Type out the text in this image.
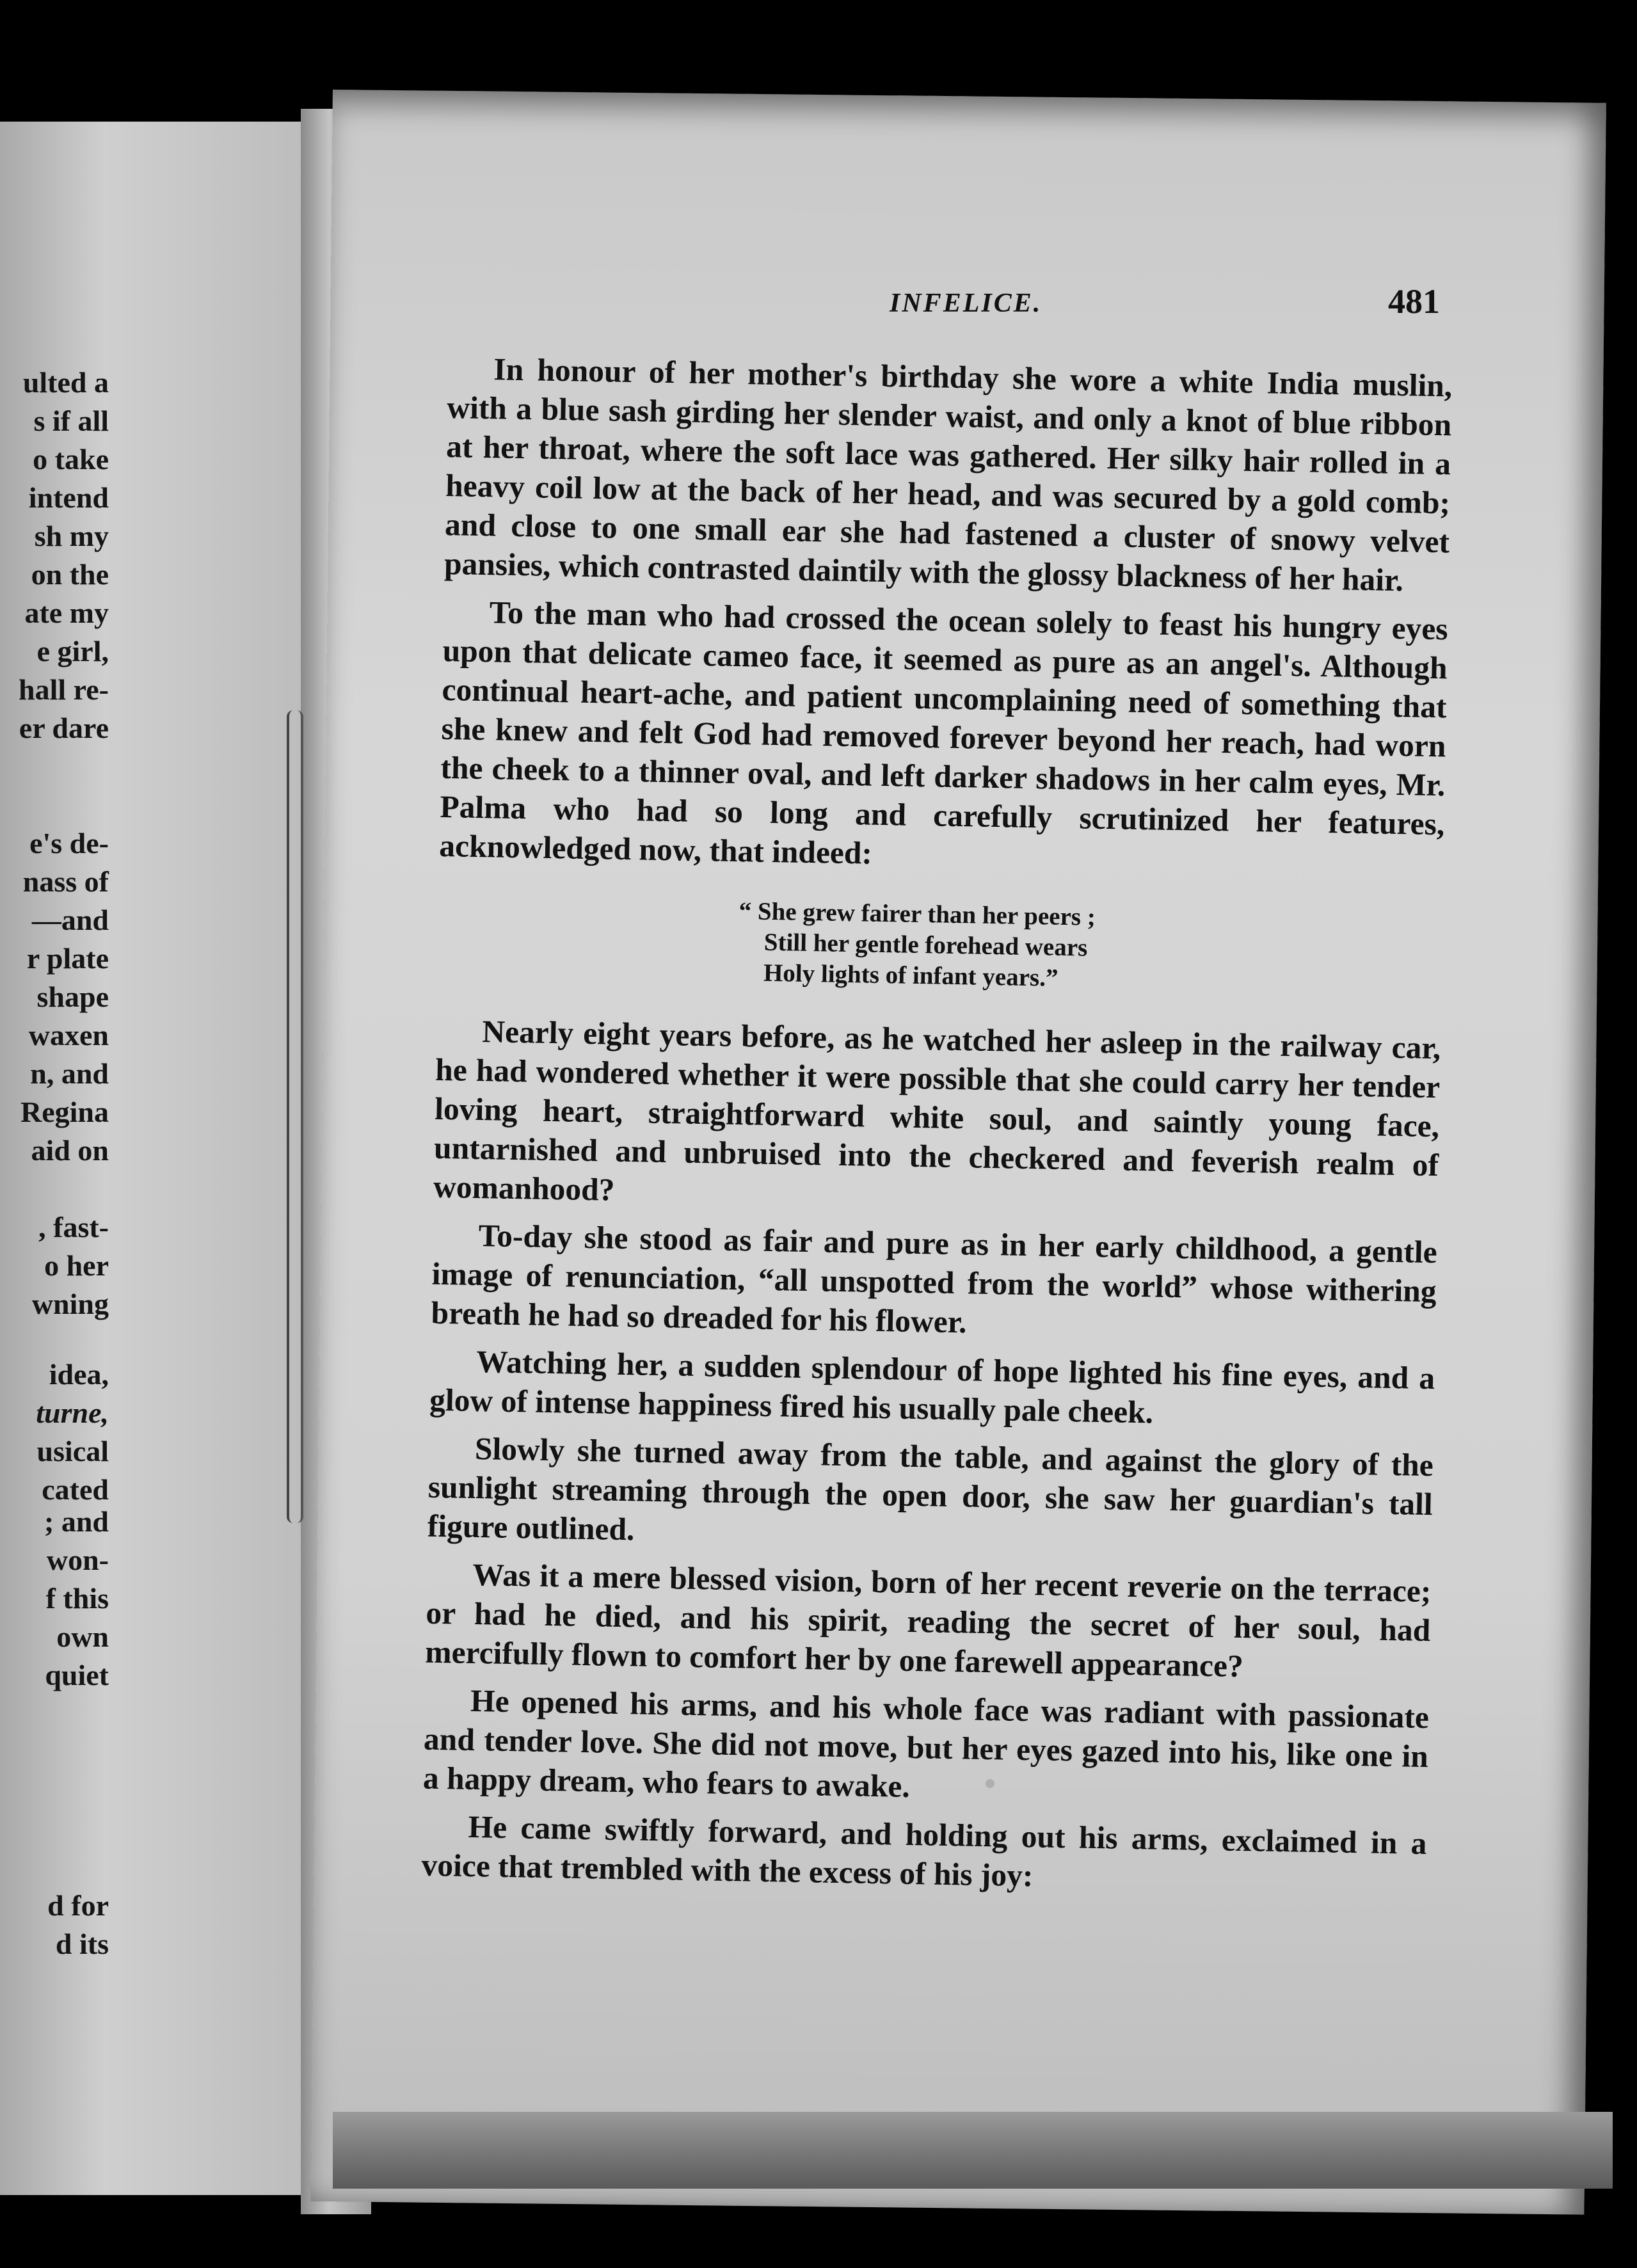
ulted a
s if all
o take
intend
sh my
on the
ate my
e girl,
hall re-
er dare
e's de-
nass of
—and
r plate
shape
waxen
n, and
Regina
aid on
, fast-
o her
wning
idea,
turne,
usical
cated
; and
won-
f this
own
quiet
d for
d its
INFELICE.	481

In honour of her mother's birthday she wore a white India muslin, with a blue sash girding her slender waist, and only a knot of blue ribbon at her throat, where the soft lace was gathered. Her silky hair rolled in a heavy coil low at the back of her head, and was secured by a gold comb; and close to one small ear she had fastened a cluster of snowy velvet pansies, which contrasted daintily with the glossy blackness of her hair.

To the man who had crossed the ocean solely to feast his hungry eyes upon that delicate cameo face, it seemed as pure as an angel's. Although continual heart-ache, and patient uncomplaining need of something that she knew and felt God had removed forever beyond her reach, had worn the cheek to a thinner oval, and left darker shadows in her calm eyes, Mr. Palma who had so long and carefully scrutinized her features, acknowledged now, that indeed:

“ She grew fairer than her peers ;
Still her gentle forehead wears
Holy lights of infant years.”

Nearly eight years before, as he watched her asleep in the railway car, he had wondered whether it were possible that she could carry her tender loving heart, straightforward white soul, and saintly young face, untarnished and unbruised into the checkered and feverish realm of womanhood?

To-day she stood as fair and pure as in her early childhood, a gentle image of renunciation, “all unspotted from the world” whose withering breath he had so dreaded for his flower.

Watching her, a sudden splendour of hope lighted his fine eyes, and a glow of intense happiness fired his usually pale cheek.

Slowly she turned away from the table, and against the glory of the sunlight streaming through the open door, she saw her guardian's tall figure outlined.

Was it a mere blessed vision, born of her recent reverie on the terrace; or had he died, and his spirit, reading the secret of her soul, had mercifully flown to comfort her by one farewell appearance?

He opened his arms, and his whole face was radiant with passionate and tender love. She did not move, but her eyes gazed into his, like one in a happy dream, who fears to awake.

He came swiftly forward, and holding out his arms, exclaimed in a voice that trembled with the excess of his joy:
